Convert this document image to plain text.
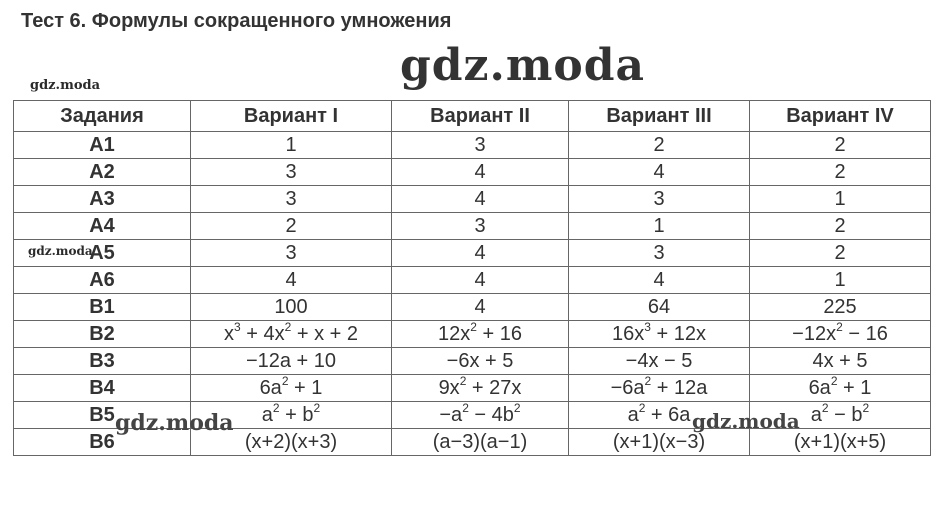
Тест 6. Формулы сокращенного умножения
Задания	Вариант I	Вариант II	Вариант III	Вариант IV
A1	1	3	2	2
A2	3	4	4	2
A3	3	4	3	1
A4	2	3	1	2
A5	3	4	3	2
A6	4	4	4	1
B1	100	4	64	225
B2	$x^3 + 4x^2 + x + 2$	$12x^2 + 16$	$16x^3 + 12x$	$-12x^2 - 16$
B3	−12a + 10	−6x + 5	−4x − 5	4x + 5
B4	$6a^2 + 1$	$9x^2 + 27x$	$-6a^2 + 12a$	$6a^2 + 1$
B5	$a^2 + b^2$	$-a^2 - 4b^2$	$a^2 + 6a$	$a^2 - b^2$
B6	(x+2)(x+3)	(a−3)(a−1)	(x+1)(x−3)	(x+1)(x+5)
gdz.moda
gdz.moda
gdz.moda
gdz.moda	gdz.moda
